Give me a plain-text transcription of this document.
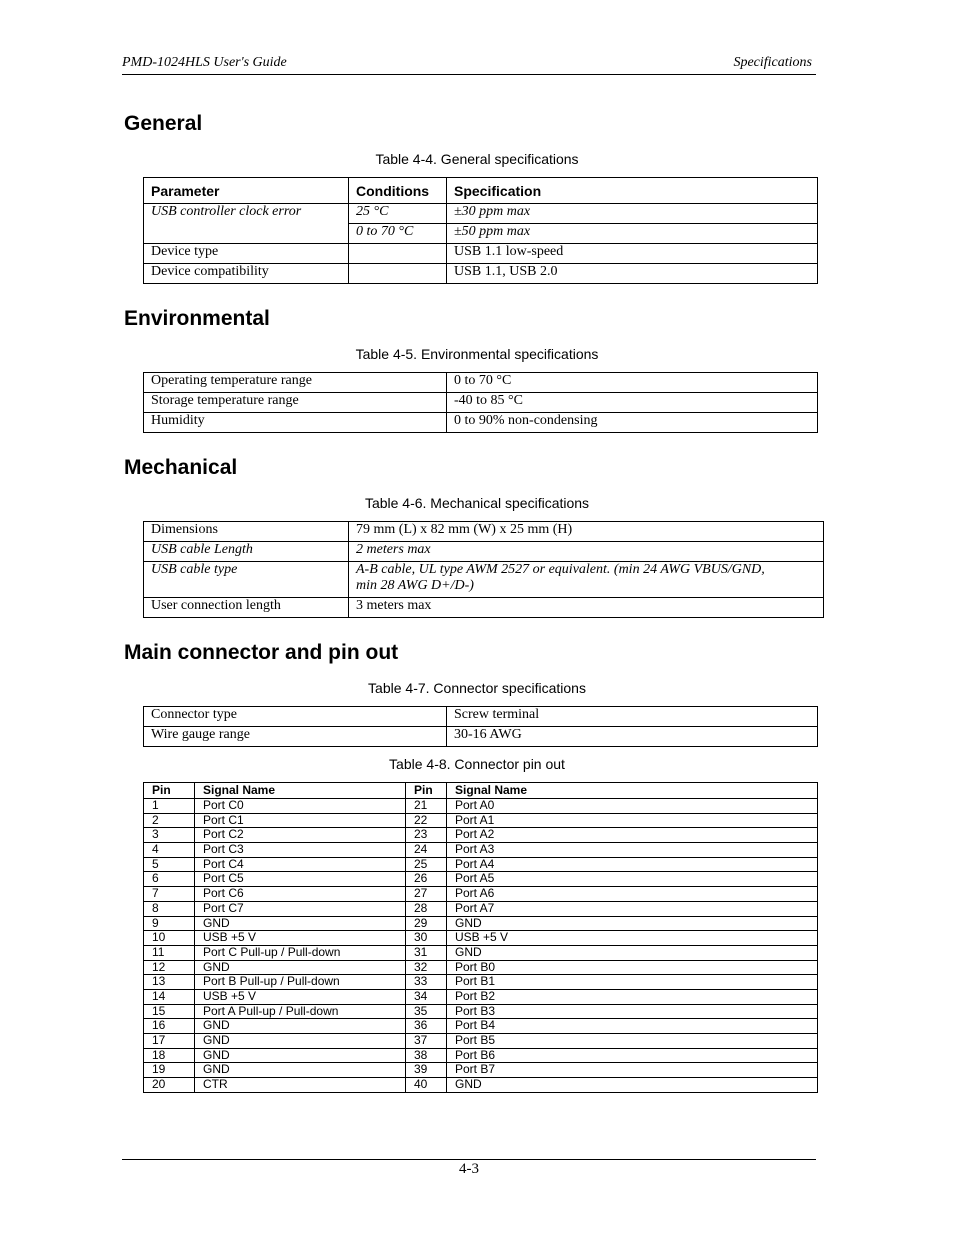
PMD-1024HLS User's Guide	Specifications
General

Table 4-4. General specifications

Parameter	Conditions	Specification
USB controller clock error	25 °C	±30 ppm max
	0 to 70 °C	±50 ppm max
Device type		USB 1.1 low-speed
Device compatibility		USB 1.1, USB 2.0
Environmental

Table 4-5. Environmental specifications

Operating temperature range	0 to 70 °C
Storage temperature range	-40 to 85 °C
Humidity	0 to 90% non-condensing
Mechanical

Table 4-6. Mechanical specifications

Dimensions	79 mm (L) x 82 mm (W) x 25 mm (H)
USB cable Length	2 meters max
USB cable type	A-B cable, UL type AWM 2527 or equivalent. (min 24 AWG VBUS/GND, min 28 AWG D+/D-)
User connection length	3 meters max
Main connector and pin out

Table 4-7. Connector specifications

Connector type	Screw terminal
Wire gauge range	30-16 AWG

Table 4-8. Connector pin out

Pin	Signal Name	Pin	Signal Name
1	Port C0	21	Port A0
2	Port C1	22	Port A1
3	Port C2	23	Port A2
4	Port C3	24	Port A3
5	Port C4	25	Port A4
6	Port C5	26	Port A5
7	Port C6	27	Port A6
8	Port C7	28	Port A7
9	GND	29	GND
10	USB +5 V	30	USB +5 V
11	Port C Pull-up / Pull-down	31	GND
12	GND	32	Port B0
13	Port B Pull-up / Pull-down	33	Port B1
14	USB +5 V	34	Port B2
15	Port A Pull-up / Pull-down	35	Port B3
16	GND	36	Port B4
17	GND	37	Port B5
18	GND	38	Port B6
19	GND	39	Port B7
20	CTR	40	GND
4-3
